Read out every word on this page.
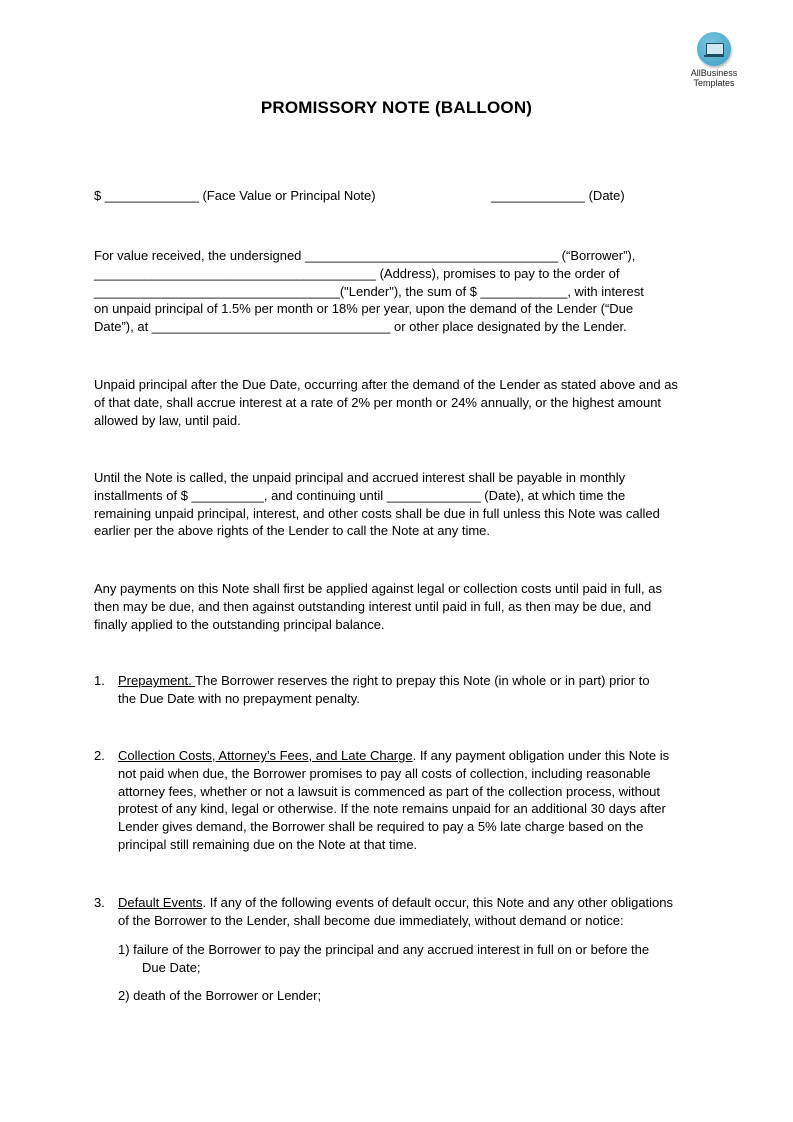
AllBusiness
Templates
PROMISSORY NOTE (BALLOON)
$ _____________ (Face Value or Principal Note)	_____________ (Date)
For value received, the undersigned ___________________________________ (“Borrower”),
_______________________________________ (Address), promises to pay to the order of
__________________________________("Lender"), the sum of $ ____________, with interest
on unpaid principal of 1.5% per month or 18% per year, upon the demand of the Lender (“Due
Date”), at _________________________________ or other place designated by the Lender.
Unpaid principal after the Due Date, occurring after the demand of the Lender as stated above and as
of that date, shall accrue interest at a rate of 2% per month or 24% annually, or the highest amount
allowed by law, until paid.
Until the Note is called, the unpaid principal and accrued interest shall be payable in monthly
installments of $ __________, and continuing until _____________ (Date), at which time the
remaining unpaid principal, interest, and other costs shall be due in full unless this Note was called
earlier per the above rights of the Lender to call the Note at any time.
Any payments on this Note shall first be applied against legal or collection costs until paid in full, as
then may be due, and then against outstanding interest until paid in full, as then may be due, and
finally applied to the outstanding principal balance.
1. Prepayment. The Borrower reserves the right to prepay this Note (in whole or in part) prior to
the Due Date with no prepayment penalty.
2. Collection Costs, Attorney’s Fees, and Late Charge. If any payment obligation under this Note is
not paid when due, the Borrower promises to pay all costs of collection, including reasonable
attorney fees, whether or not a lawsuit is commenced as part of the collection process, without
protest of any kind, legal or otherwise. If the note remains unpaid for an additional 30 days after
Lender gives demand, the Borrower shall be required to pay a 5% late charge based on the
principal still remaining due on the Note at that time.
3. Default Events. If any of the following events of default occur, this Note and any other obligations
of the Borrower to the Lender, shall become due immediately, without demand or notice:
1) failure of the Borrower to pay the principal and any accrued interest in full on or before the
Due Date;
2) death of the Borrower or Lender;
